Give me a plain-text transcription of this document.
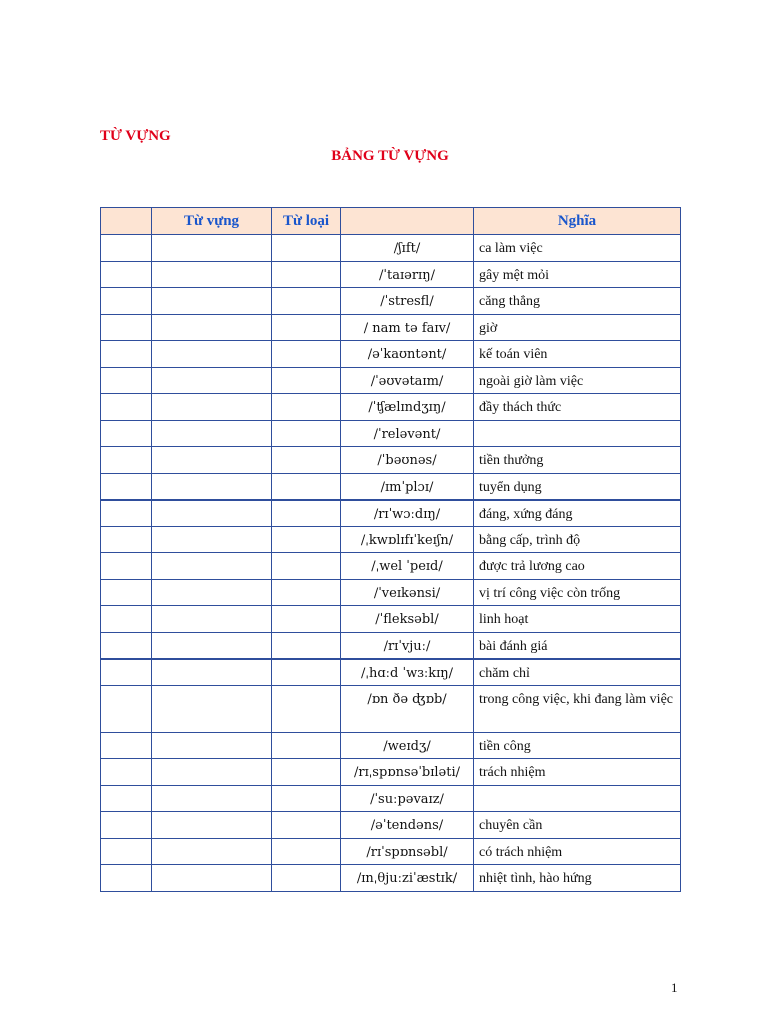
TỪ VỰNG
BẢNG TỪ VỰNG
	Từ vựng	Từ loại		Nghĩa
			/ʃɪft/	ca làm việc
			/ˈtaɪərɪŋ/	gây mệt mỏi
			/ˈstresfl/	căng thẳng
			/ nam tə faɪv/	giờ
			/əˈkaʊntənt/	kế toán viên
			/ˈəʊvətaɪm/	ngoài giờ làm việc
			/ˈʧælɪndʒɪŋ/	đầy thách thức
			/ˈreləvənt/	
			/ˈbəʊnəs/	tiền thưởng
			/ɪmˈplɔɪ/	tuyển dụng
			/rɪˈwɔːdɪŋ/	đáng, xứng đáng
			/ˌkwɒlɪfɪˈkeɪʃn/	bằng cấp, trình độ
			/ˌwel ˈpeɪd/	được trả lương cao
			/ˈveɪkənsi/	vị trí công việc còn trống
			/ˈfleksəbl/	linh hoạt
			/rɪˈvjuː/	bài đánh giá
			/ˌhɑːd ˈwɜːkɪŋ/	chăm chỉ
			/ɒn ðə ʤɒb/	trong công việc, khi đang làm việc
			/weɪdʒ/	tiền công
			/rɪˌspɒnsəˈbɪləti/	trách nhiệm
			/ˈsuːpəvaɪz/	
			/əˈtendəns/	chuyên cần
			/rɪˈspɒnsəbl/	có trách nhiệm
			/ɪnˌθjuːziˈæstɪk/	nhiệt tình, hào hứng
1
